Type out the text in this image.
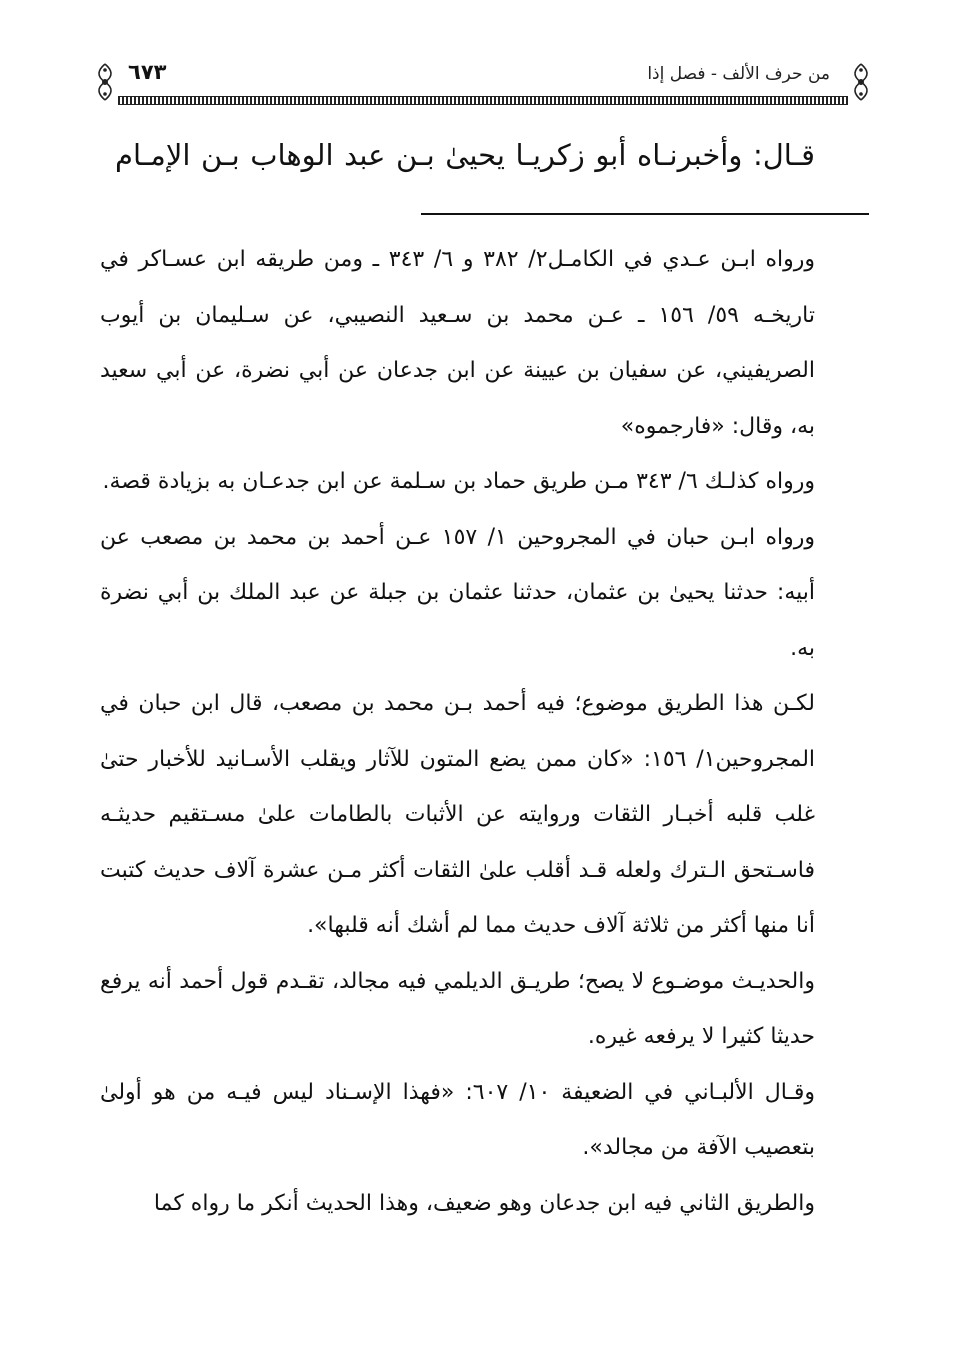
من حرف الألف - فصل إذا
٦٧٣
قـال: وأخبرنـاه أبو زكريـا يحيىٰ بـن عبد الوهاب بـن الإمـام

ورواه ابـن عـدي في الكامـل٢/ ٣٨٢ و ٦/ ٣٤٣ ـ ومن طريقه ابن عسـاكر في تاريخـه ٥٩/ ١٥٦ ـ عـن محمد بن سـعيد النصيبي، عن سـليمان بن أيوب الصريفيني، عن سفيان بن عيينة عن ابن جدعان عن أبي نضرة، عن أبي سعيد به، وقال: «فارجموه»

ورواه كذلـك ٦/ ٣٤٣ مـن طريق حماد بن سـلمة عن ابن جدعـان به بزيادة قصة.

ورواه ابـن حبان في المجروحين ١/ ١٥٧ عـن أحمد بن محمد بن مصعب عن أبيه: حدثنا يحيىٰ بن عثمان، حدثنا عثمان بن جبلة عن عبد الملك بن أبي نضرة به.

لكـن هذا الطريق موضوع؛ فيه أحمد بـن محمد بن مصعب، قال ابن حبان في المجروحين١/ ١٥٦: «كان ممن يضع المتون للآثار ويقلب الأسـانيد للأخبار حتىٰ غلب قلبه أخبـار الثقات وروايته عن الأثبات بالطامات علىٰ مسـتقيم حديثـه فاسـتحق الـترك ولعله قـد أقلب علىٰ الثقات أكثر مـن عشرة آلاف حديث كتبت أنا منها أكثر من ثلاثة آلاف حديث مما لم أشك أنه قلبها».

والحديـث موضـوع لا يصح؛ طريـق الديلمي فيه مجالد، تقـدم قول أحمد أنه يرفع حديثا كثيرا لا يرفعه غيره.

وقـال الألبـاني في الضعيفة ١٠/ ٦٠٧: «فهذا الإسـناد ليس فيـه من هو أولىٰ بتعصيب الآفة من مجالد».

والطريق الثاني فيه ابن جدعان وهو ضعيف، وهذا الحديث أنكر ما رواه كما
